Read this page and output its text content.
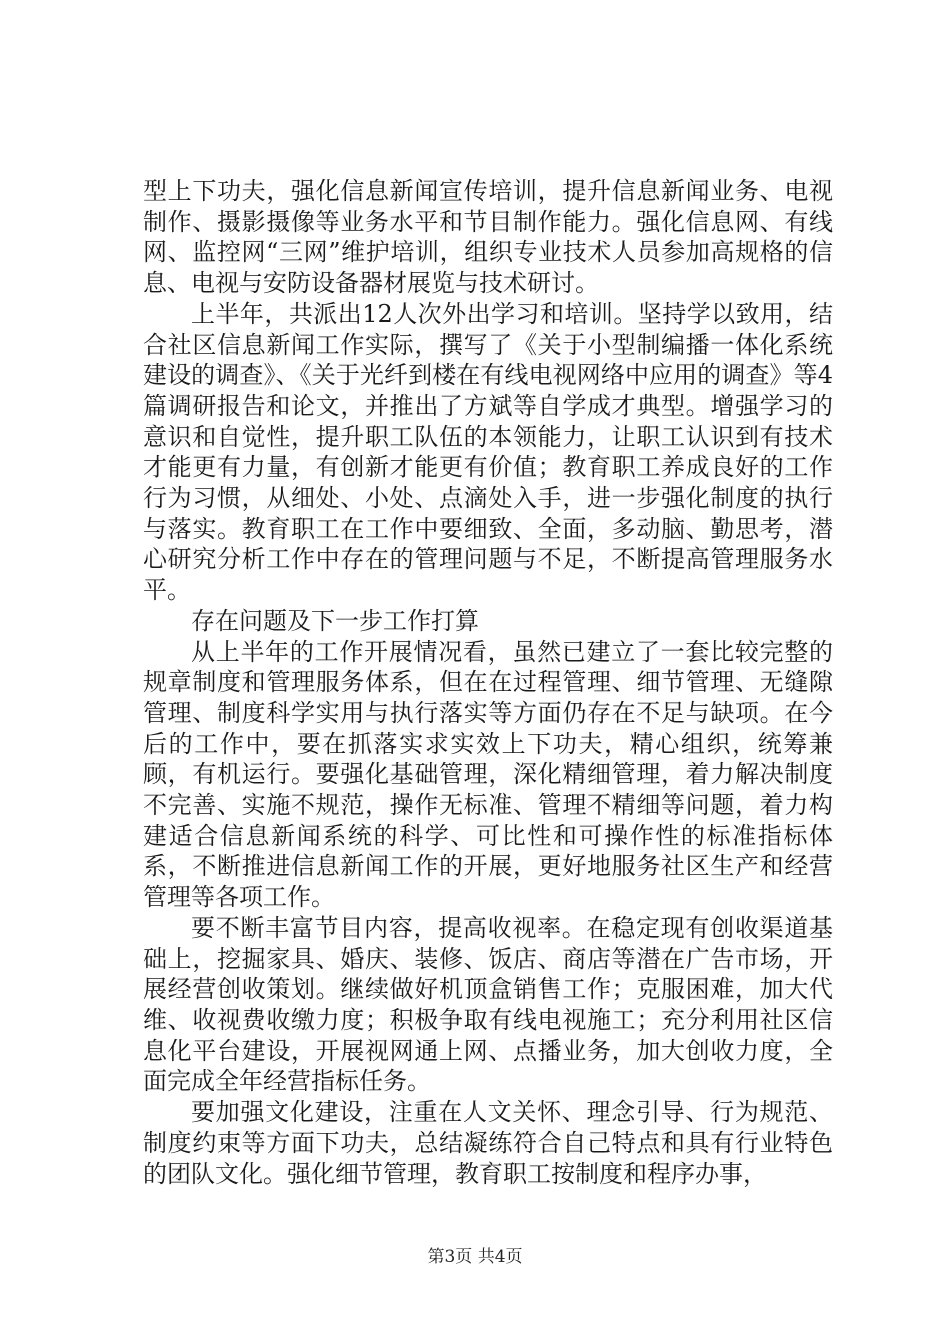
型上下功夫，强化信息新闻宣传培训，提升信息新闻业务、电视制作、摄影摄像等业务水平和节目制作能力。强化信息网、有线网、监控网“三网”维护培训，组织专业技术人员参加高规格的信息、电视与安防设备器材展览与技术研讨。

上半年，共派出12人次外出学习和培训。坚持学以致用，结合社区信息新闻工作实际，撰写了《关于小型制编播一体化系统建设的调查》、《关于光纤到楼在有线电视网络中应用的调查》等4篇调研报告和论文，并推出了方斌等自学成才典型。增强学习的意识和自觉性，提升职工队伍的本领能力，让职工认识到有技术才能更有力量，有创新才能更有价值；教育职工养成良好的工作行为习惯，从细处、小处、点滴处入手，进一步强化制度的执行与落实。教育职工在工作中要细致、全面，多动脑、勤思考，潜心研究分析工作中存在的管理问题与不足，不断提高管理服务水平。

存在问题及下一步工作打算

从上半年的工作开展情况看，虽然已建立了一套比较完整的规章制度和管理服务体系，但在在过程管理、细节管理、无缝隙管理、制度科学实用与执行落实等方面仍存在不足与缺项。在今后的工作中，要在抓落实求实效上下功夫，精心组织，统筹兼顾，有机运行。要强化基础管理，深化精细管理，着力解决制度不完善、实施不规范，操作无标准、管理不精细等问题，着力构建适合信息新闻系统的科学、可比性和可操作性的标准指标体系，不断推进信息新闻工作的开展，更好地服务社区生产和经营管理等各项工作。

要不断丰富节目内容，提高收视率。在稳定现有创收渠道基础上，挖掘家具、婚庆、装修、饭店、商店等潜在广告市场，开展经营创收策划。继续做好机顶盒销售工作；克服困难，加大代维、收视费收缴力度；积极争取有线电视施工；充分利用社区信息化平台建设，开展视网通上网、点播业务，加大创收力度，全面完成全年经营指标任务。

要加强文化建设，注重在人文关怀、理念引导、行为规范、制度约束等方面下功夫，总结凝练符合自己特点和具有行业特色的团队文化。强化细节管理，教育职工按制度和程序办事，

第3页 共4页
